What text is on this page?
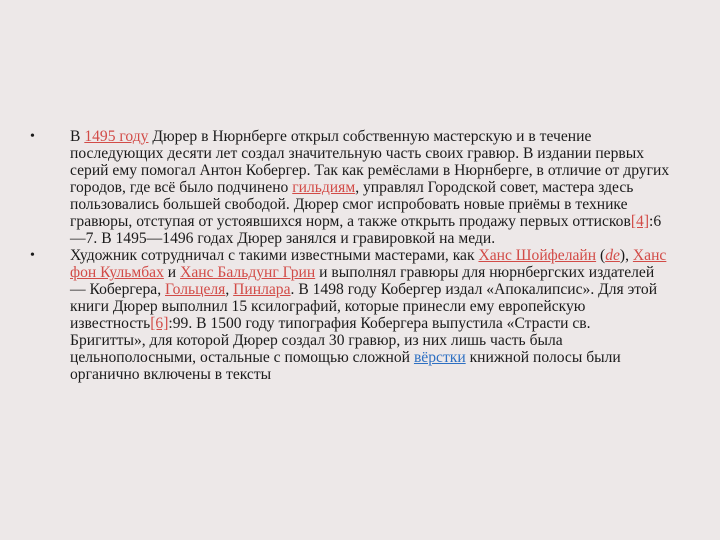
•	В 1495 году Дюрер в Нюрнберге открыл собственную мастерскую и в течение последующих десяти лет создал значительную часть своих гравюр. В издании первых серий ему помогал Антон Кобергер. Так как ремёслами в Нюрнберге, в отличие от других городов, где всё было подчинено гильдиям, управлял Городской совет, мастера здесь пользовались большей свободой. Дюрер смог испробовать новые приёмы в технике гравюры, отступая от устоявшихся норм, а также открыть продажу первых оттисков[4]:6—7. В 1495—1496 годах Дюрер занялся и гравировкой на меди.
•	Художник сотрудничал с такими известными мастерами, как Ханс Шойфелайн (de), Ханс фон Кульмбах и Ханс Бальдунг Грин и выполнял гравюры для нюрнбергских издателей — Кобергера, Гольцеля, Пинлара. В 1498 году Кобергер издал «Апокалипсис». Для этой книги Дюрер выполнил 15 ксилографий, которые принесли ему европейскую известность[6]:99. В 1500 году типография Кобергера выпустила «Страсти св. Бригитты», для которой Дюрер создал 30 гравюр, из них лишь часть была цельнополосными, остальные с помощью сложной вёрстки книжной полосы были органично включены в тексты
